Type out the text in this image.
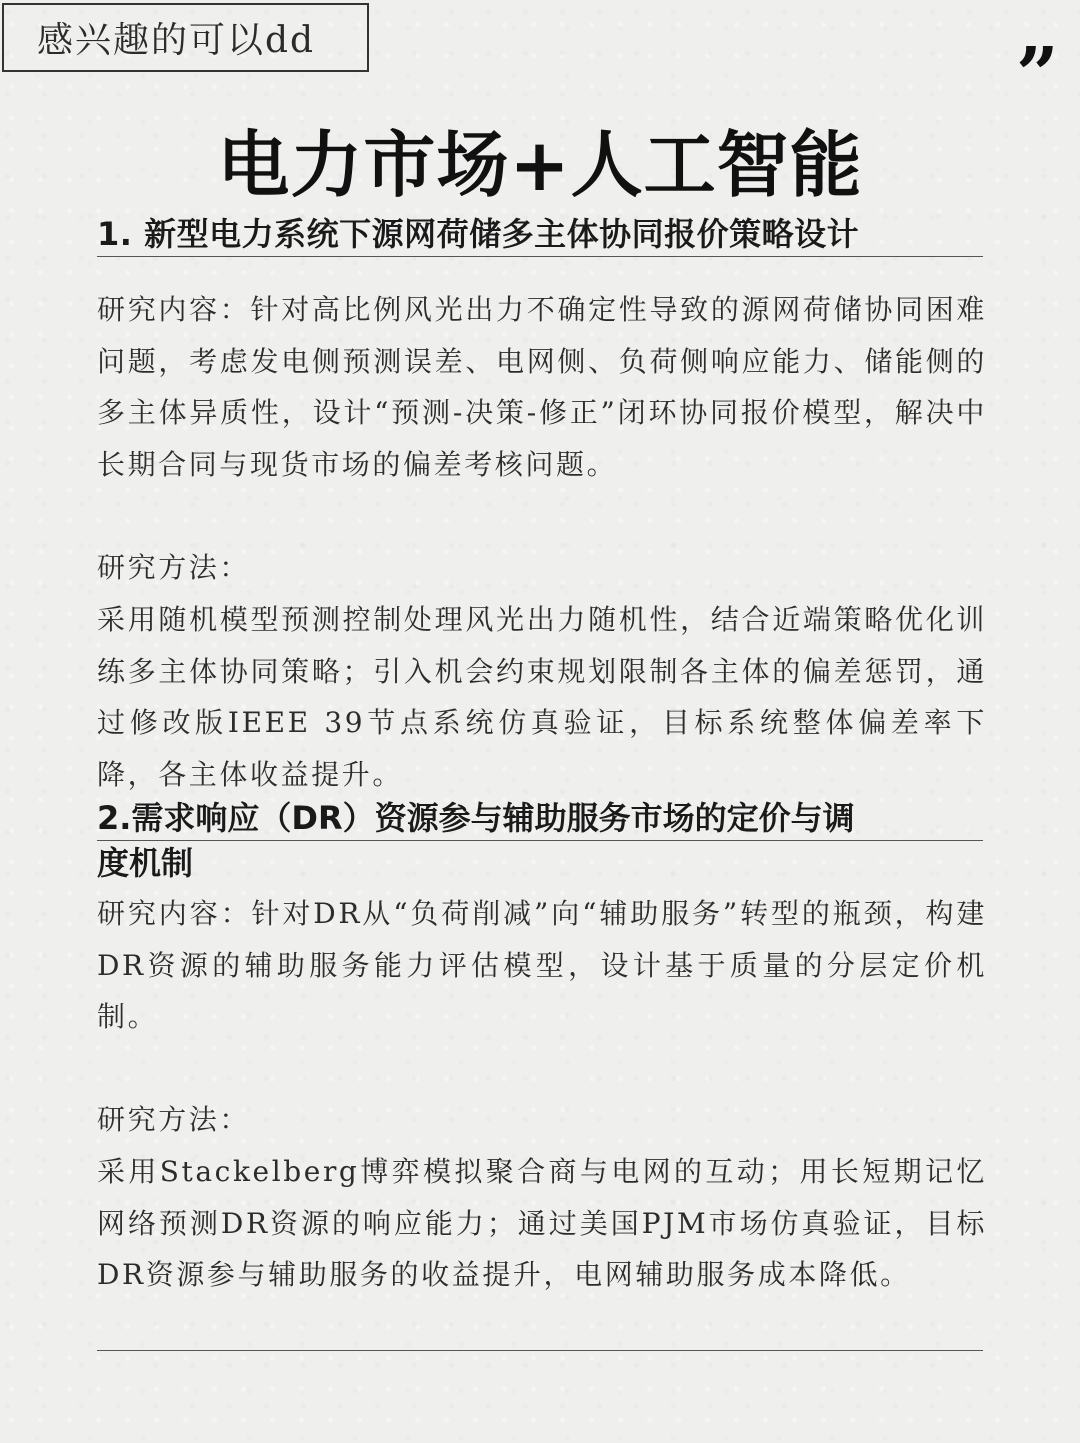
感兴趣的可以dd	”
电力市场+人工智能
1. 新型电力系统下源网荷储多主体协同报价策略设计

研究内容：针对高比例风光出力不确定性导致的源网荷储协同困难问题，考虑发电侧预测误差、电网侧、负荷侧响应能力、储能侧的多主体异质性，设计“预测-决策-修正”闭环协同报价模型，解决中长期合同与现货市场的偏差考核问题。

研究方法：

采用随机模型预测控制处理风光出力随机性，结合近端策略优化训练多主体协同策略；引入机会约束规划限制各主体的偏差惩罚，通过修改版IEEE 39节点系统仿真验证，目标系统整体偏差率下降，各主体收益提升。

2.需求响应（DR）资源参与辅助服务市场的定价与调
度机制

研究内容：针对DR从“负荷削减”向“辅助服务”转型的瓶颈，构建DR资源的辅助服务能力评估模型，设计基于质量的分层定价机制。

研究方法：

采用Stackelberg博弈模拟聚合商与电网的互动；用长短期记忆网络预测DR资源的响应能力；通过美国PJM市场仿真验证，目标DR资源参与辅助服务的收益提升，电网辅助服务成本降低。
